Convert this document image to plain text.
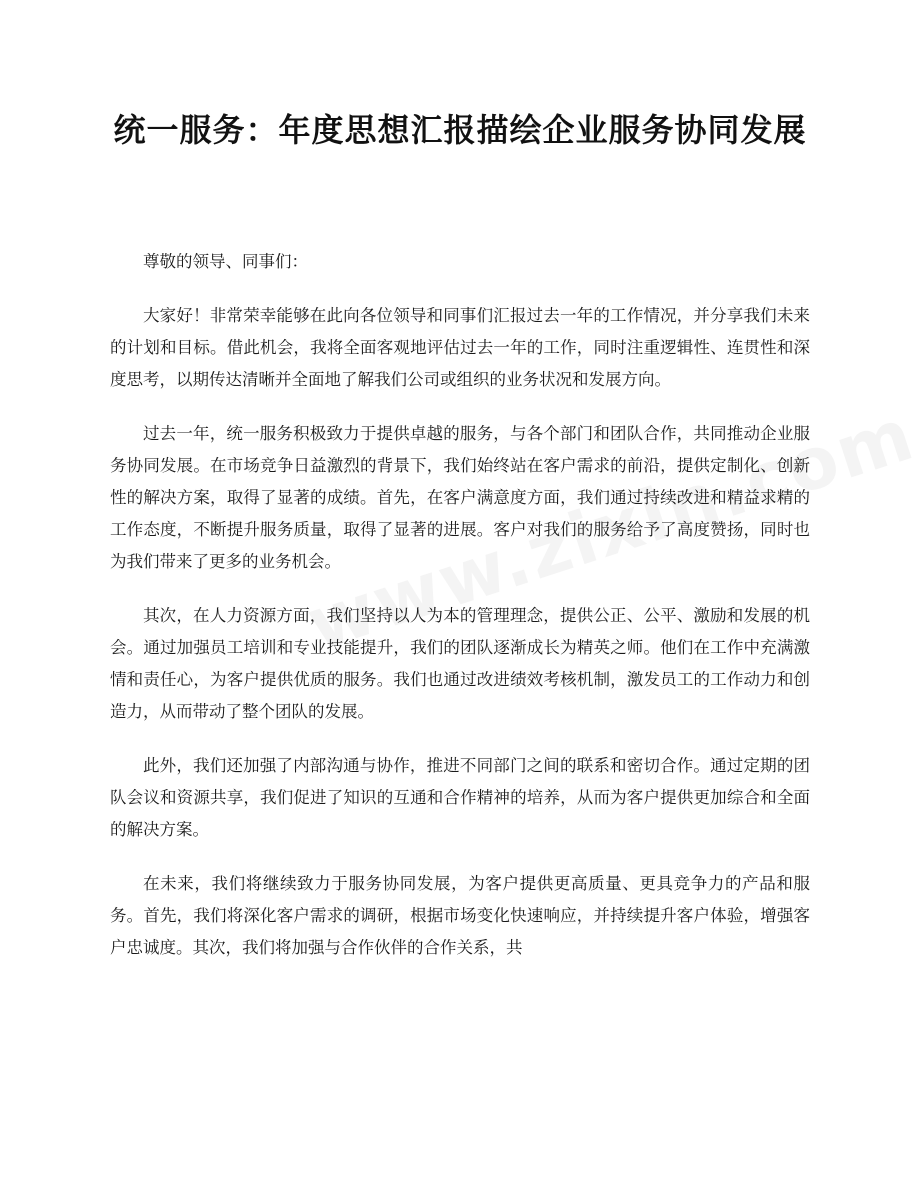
统一服务：年度思想汇报描绘企业服务协同发展

尊敬的领导、同事们：

大家好！非常荣幸能够在此向各位领导和同事们汇报过去一年的工作情况，并分享我们未来的计划和目标。借此机会，我将全面客观地评估过去一年的工作，同时注重逻辑性、连贯性和深度思考，以期传达清晰并全面地了解我们公司或组织的业务状况和发展方向。

过去一年，统一服务积极致力于提供卓越的服务，与各个部门和团队合作，共同推动企业服务协同发展。在市场竞争日益激烈的背景下，我们始终站在客户需求的前沿，提供定制化、创新性的解决方案，取得了显著的成绩。首先，在客户满意度方面，我们通过持续改进和精益求精的工作态度，不断提升服务质量，取得了显著的进展。客户对我们的服务给予了高度赞扬，同时也为我们带来了更多的业务机会。

其次，在人力资源方面，我们坚持以人为本的管理理念，提供公正、公平、激励和发展的机会。通过加强员工培训和专业技能提升，我们的团队逐渐成长为精英之师。他们在工作中充满激情和责任心，为客户提供优质的服务。我们也通过改进绩效考核机制，激发员工的工作动力和创造力，从而带动了整个团队的发展。

此外，我们还加强了内部沟通与协作，推进不同部门之间的联系和密切合作。通过定期的团队会议和资源共享，我们促进了知识的互通和合作精神的培养，从而为客户提供更加综合和全面的解决方案。

在未来，我们将继续致力于服务协同发展，为客户提供更高质量、更具竞争力的产品和服务。首先，我们将深化客户需求的调研，根据市场变化快速响应，并持续提升客户体验，增强客户忠诚度。其次，我们将加强与合作伙伴的合作关系，共
